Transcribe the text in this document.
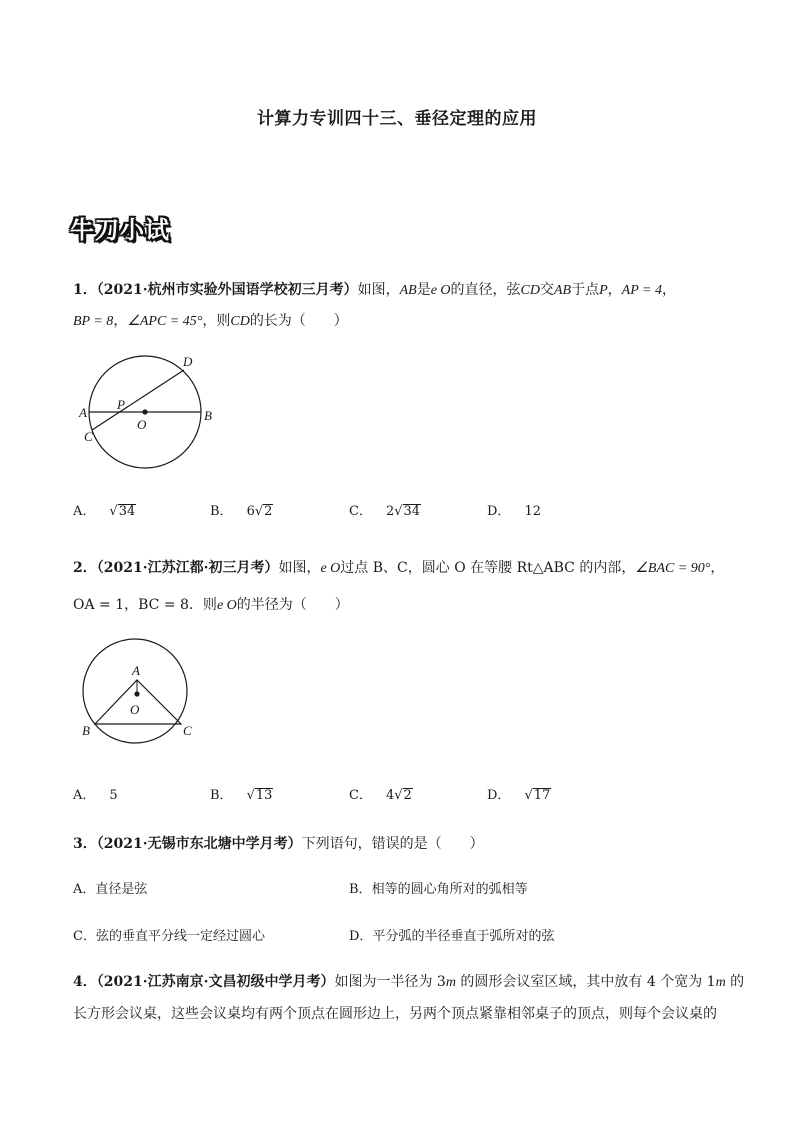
计算力专训四十三、垂径定理的应用
牛刀小试
1．（2021·杭州市实验外国语学校初三月考）如图，AB是e O的直径，弦CD交AB于点P，AP = 4，
BP = 8，∠APC = 45°，则CD的长为（　　）
A	B
C
D
P
O
A． √34	B． 6√2	C． 2√34	D． 12
2．（2021·江苏江都·初三月考）如图，e O过点 B、C，圆心 O 在等腰 Rt△ABC 的内部，∠BAC = 90°，
OA = 1，BC = 8．则e O的半径为（　　）
A
B	C
O
A． 5	B． √13	C． 4√2	D． √17
3．（2021·无锡市东北塘中学月考）下列语句，错误的是（　　）
A．直径是弦	B．相等的圆心角所对的弧相等
C．弦的垂直平分线一定经过圆心	D．平分弧的半径垂直于弧所对的弦
4．（2021·江苏南京·文昌初级中学月考）如图为一半径为 3m 的圆形会议室区域，其中放有 4 个宽为 1m 的
长方形会议桌，这些会议桌均有两个顶点在圆形边上，另两个顶点紧靠相邻桌子的顶点，则每个会议桌的
